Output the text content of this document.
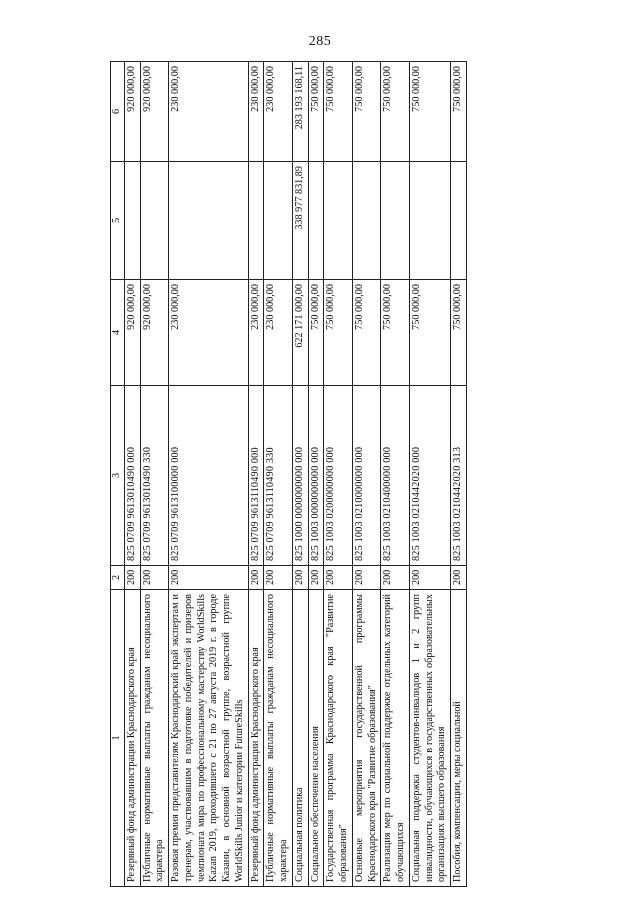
285
1	2	3	4	5	6
Резервный фонд администрации Краснодарского края	200	825 0709 9613010490 000	920 000,00		920 000,00
Публичные нормативные выплаты гражданам несоциального характера	200	825 0709 9613010490 330	920 000,00		920 000,00
Разовая премия представителям Краснодарский край экспертам и тренерам, участвовавшим в подготовке победителей и призеров чемпионата мира по профессиональному мастерству WorldSkills Kazan 2019, проходившего с 21 по 27 августа 2019 г. в городе Казани, в основной возрастной группе, возрастной группе WorldSkills Junior и категории FutureSkills	200	825 0709 9613100000 000	230 000,00		230 000,00
Резервный фонд администрации Краснодарского края	200	825 0709 9613110490 000	230 000,00		230 000,00
Публичные нормативные выплаты гражданам несоциального характера	200	825 0709 9613110490 330	230 000,00		230 000,00
Социальная политика	200	825 1000 0000000000 000	622 171 000,00	338 977 831,89	283 193 168,11
Социальное обеспечение населения	200	825 1003 0000000000 000	750 000,00		750 000,00
Государственная программа Краснодарского края "Развитие образования"	200	825 1003 0200000000 000	750 000,00		750 000,00
Основные мероприятия государственной программы Краснодарского края "Развитие образования"	200	825 1003 0210000000 000	750 000,00		750 000,00
Реализация мер по социальной поддержке отдельных категорий обучающихся	200	825 1003 0210400000 000	750 000,00		750 000,00
Социальная поддержка студентов-инвалидов 1 и 2 групп инвалидности, обучающихся в государственных образовательных организациях высшего образования	200	825 1003 0210442020 000	750 000,00		750 000,00
Пособия, компенсации, меры социальной	200	825 1003 0210442020 313	750 000,00		750 000,00
